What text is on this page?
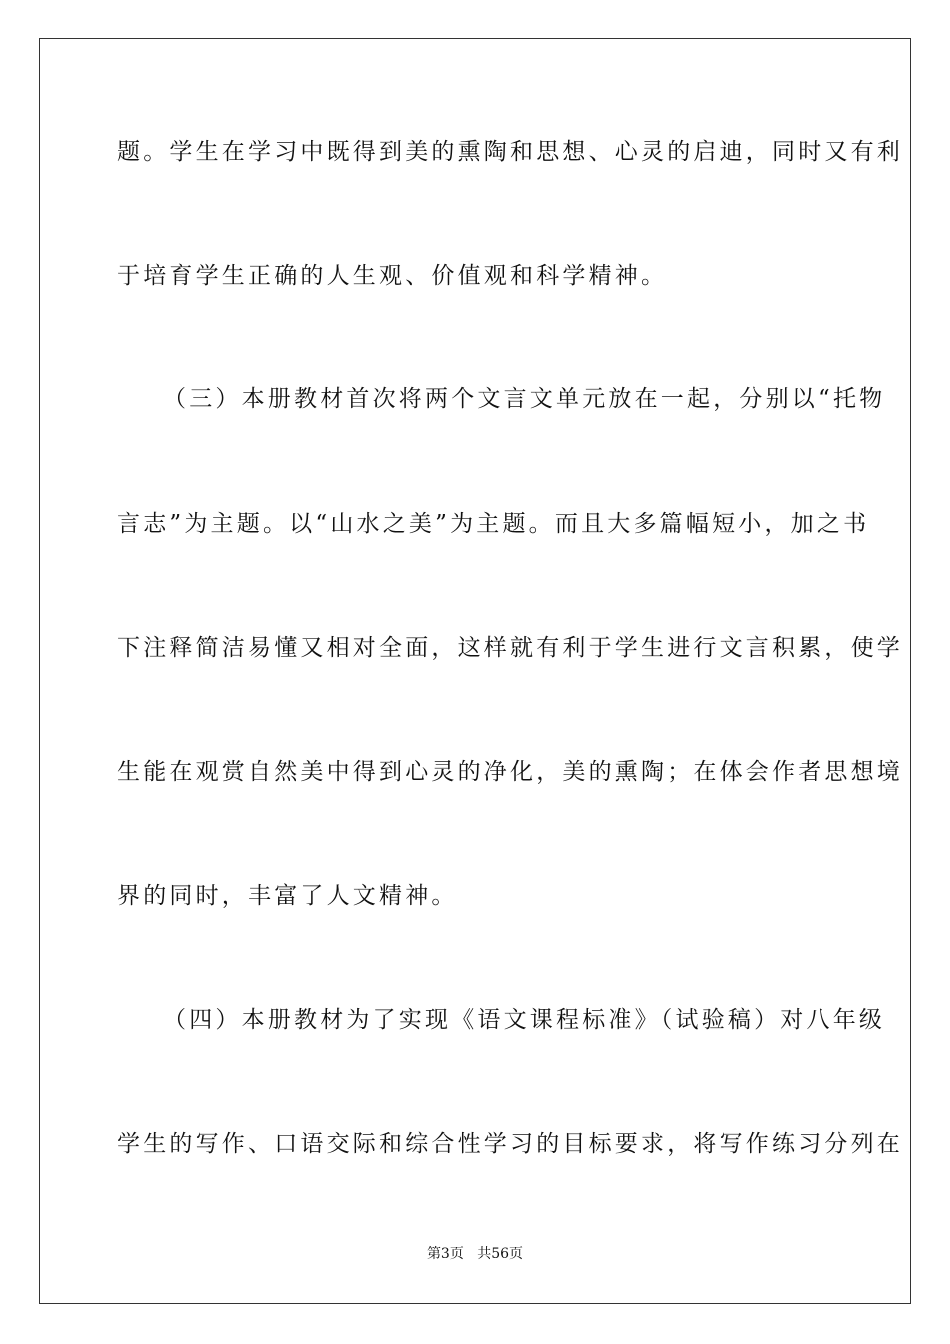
题。学生在学习中既得到美的熏陶和思想、心灵的启迪，同时又有利
于培育学生正确的人生观、价值观和科学精神。
（三）本册教材首次将两个文言文单元放在一起，分别以“托物
言志”为主题。以“山水之美”为主题。而且大多篇幅短小，加之书
下注释简洁易懂又相对全面，这样就有利于学生进行文言积累，使学
生能在观赏自然美中得到心灵的净化，美的熏陶；在体会作者思想境
界的同时，丰富了人文精神。
（四）本册教材为了实现《语文课程标准》（试验稿）对八年级
学生的写作、口语交际和综合性学习的目标要求，将写作练习分列在
第3页 共56页
